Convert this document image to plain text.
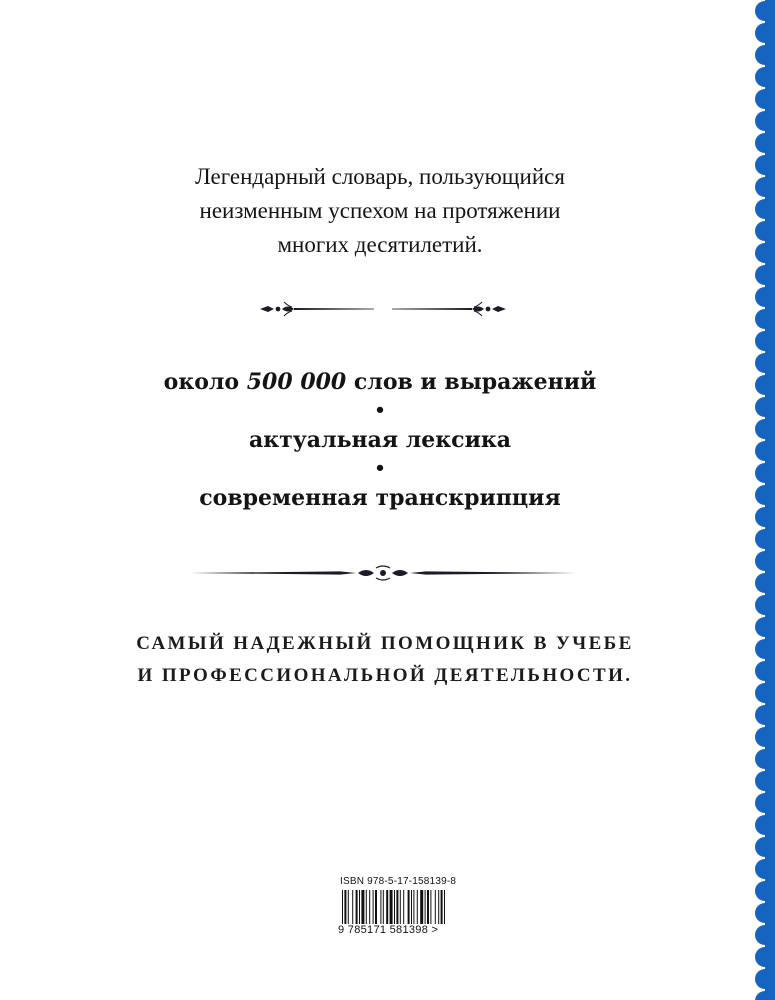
Легендарный словарь, пользующийся
неизменным успехом на протяжении
многих десятилетий.
около 500 000 слов и выражений
•
актуальная лексика
•
современная транскрипция
САМЫЙ НАДЕЖНЫЙ ПОМОЩНИК В УЧЕБЕ
И ПРОФЕССИОНАЛЬНОЙ ДЕЯТЕЛЬНОСТИ.
ISBN 978-5-17-158139-8
9 785171 581398 >
